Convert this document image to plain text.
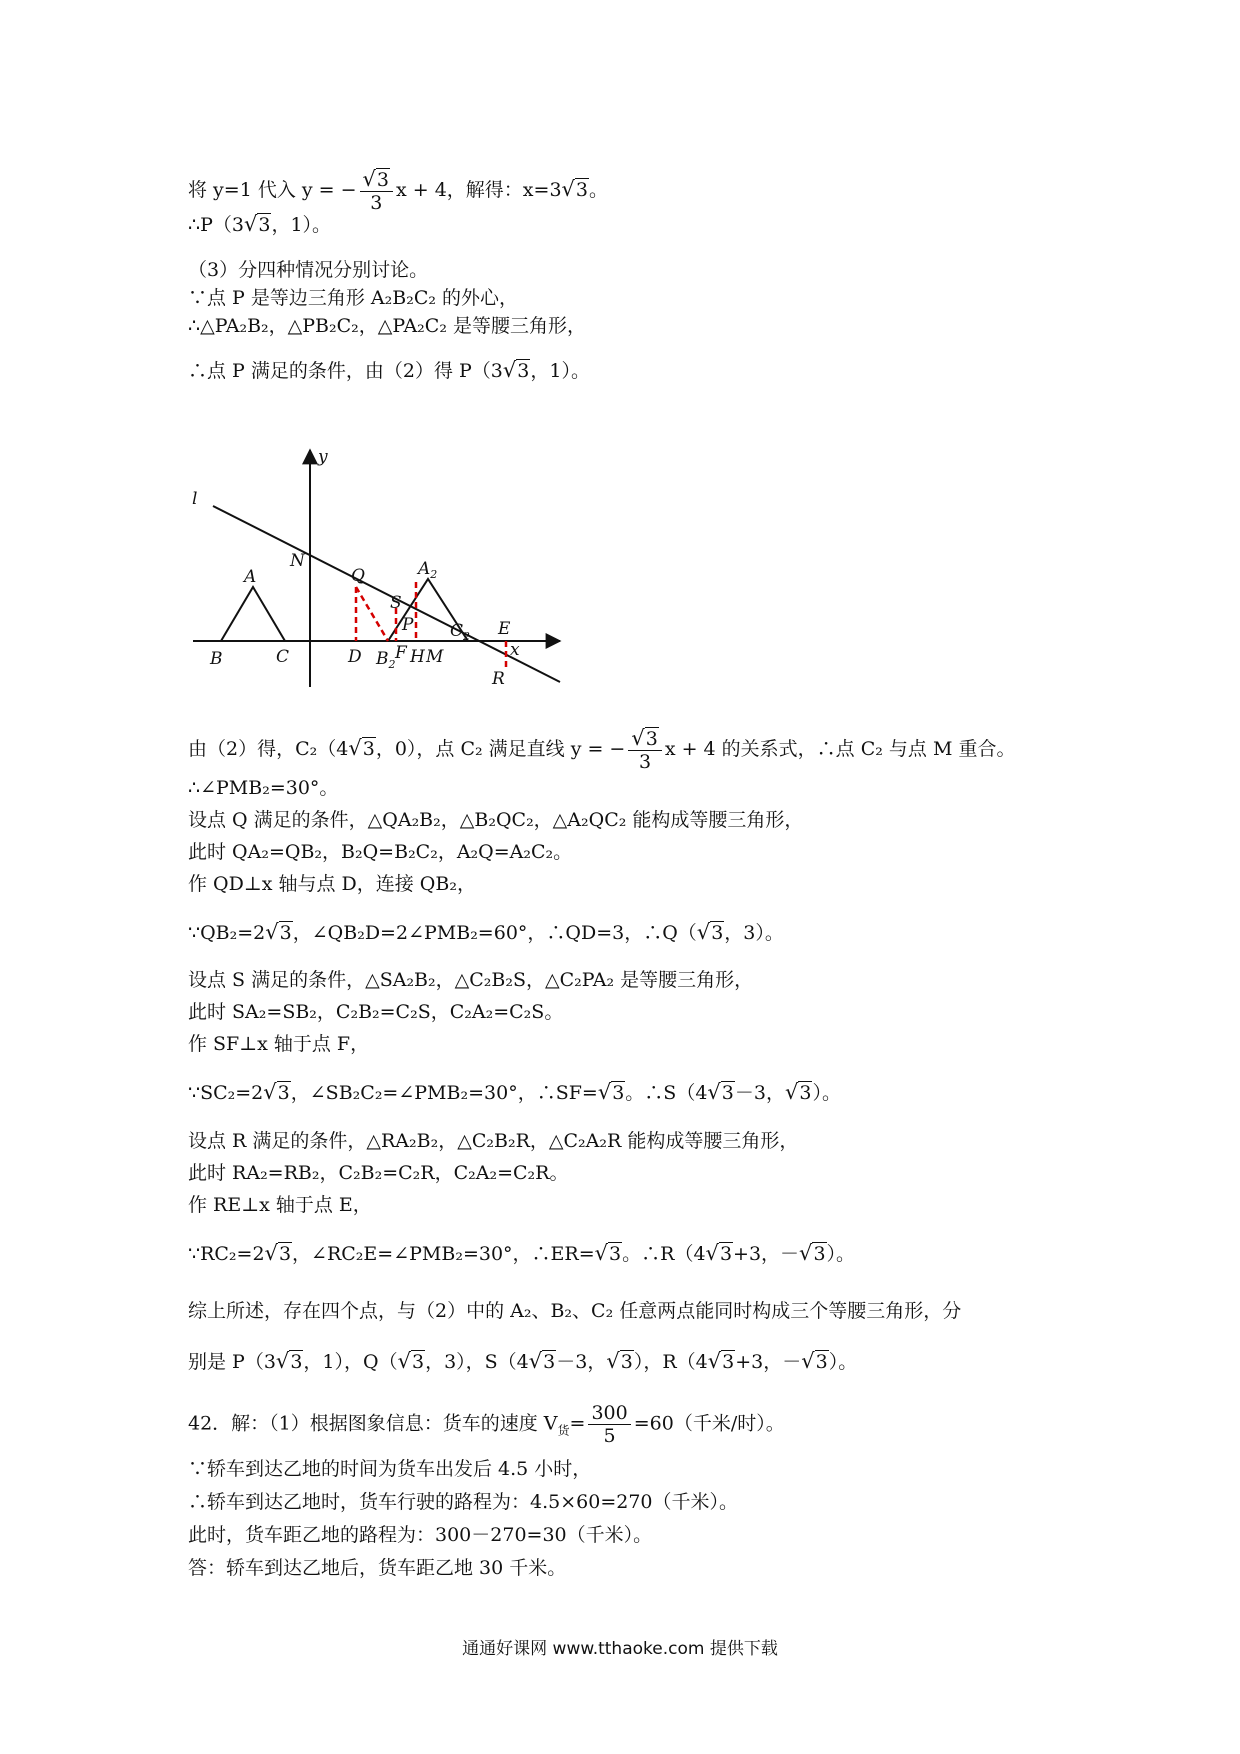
将 y=1 代入 y = − $\frac{√3}{3}$ x + 4，解得：x=3√3。
∴P（3√3，1）。
（3）分四种情况分别讨论。
∵点 P 是等边三角形 A₂B₂C₂ 的外心，
∴△PA₂B₂，△PB₂C₂，△PA₂C₂ 是等腰三角形，
∴点 P 满足的条件，由（2）得 P（3√3，1）。
y
l
N
A	Q
S
$A_2$
P $C_2$ E
x
B	C	D $B_2$
F H M
R
由（2）得，C₂（4√3，0），点 C₂ 满足直线 y = − $\frac{√3}{3}$ x + 4 的关系式，∴点 C₂ 与点 M 重合。
∴∠PMB₂=30°。
设点 Q 满足的条件，△QA₂B₂，△B₂QC₂，△A₂QC₂ 能构成等腰三角形，
此时 QA₂=QB₂，B₂Q=B₂C₂，A₂Q=A₂C₂。
作 QD⊥x 轴与点 D，连接 QB₂，
∵QB₂=2√3，∠QB₂D=2∠PMB₂=60°，∴QD=3，∴Q（√3，3）。
设点 S 满足的条件，△SA₂B₂，△C₂B₂S，△C₂PA₂ 是等腰三角形，
此时 SA₂=SB₂，C₂B₂=C₂S，C₂A₂=C₂S。
作 SF⊥x 轴于点 F，
∵SC₂=2√3，∠SB₂C₂=∠PMB₂=30°，∴SF=√3。∴S（4√3－3，√3）。
设点 R 满足的条件，△RA₂B₂，△C₂B₂R，△C₂A₂R 能构成等腰三角形，
此时 RA₂=RB₂，C₂B₂=C₂R，C₂A₂=C₂R。
作 RE⊥x 轴于点 E，
∵RC₂=2√3，∠RC₂E=∠PMB₂=30°，∴ER=√3。∴R（4√3+3，－√3）。
综上所述，存在四个点，与（2）中的 A₂、B₂、C₂ 任意两点能同时构成三个等腰三角形，分
别是 P（3√3，1），Q（√3，3），S（4√3－3，√3），R（4√3+3，－√3）。
42．解：（1）根据图象信息：货车的速度 $V_货= \frac{300}{5} =60$（千米/时）。
∵轿车到达乙地的时间为货车出发后 4.5 小时，
∴轿车到达乙地时，货车行驶的路程为：4.5×60=270（千米）。
此时，货车距乙地的路程为：300－270=30（千米）。
答：轿车到达乙地后，货车距乙地 30 千米。
通通好课网 www.tthaoke.com 提供下载
